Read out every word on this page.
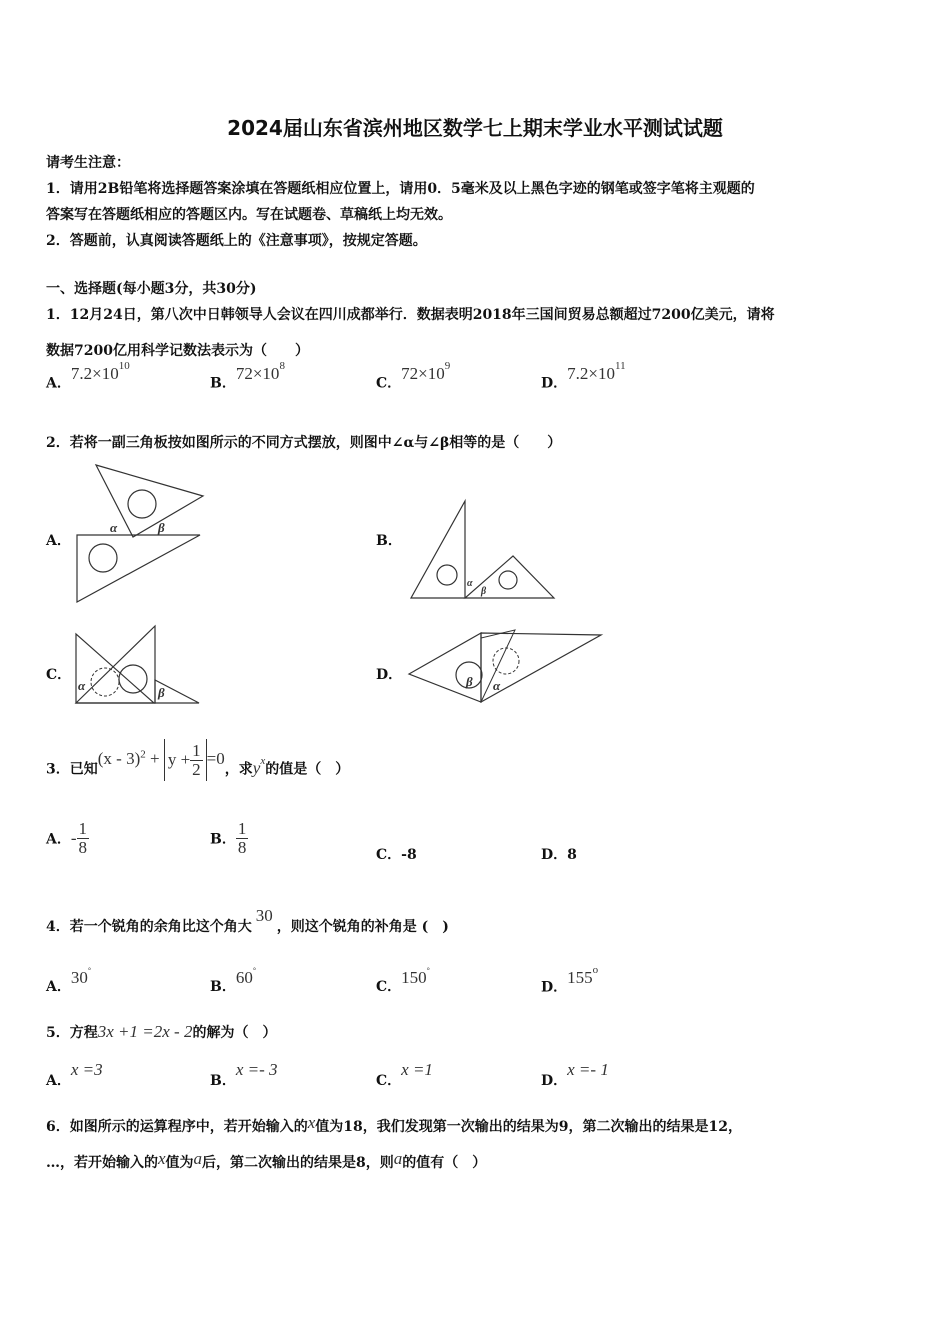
2024届山东省滨州地区数学七上期末学业水平测试试题
请考生注意：
1．请用2B铅笔将选择题答案涂填在答题纸相应位置上，请用0．5毫米及以上黑色字迹的钢笔或签字笔将主观题的
答案写在答题纸相应的答题区内。写在试题卷、草稿纸上均无效。
2．答题前，认真阅读答题纸上的《注意事项》，按规定答题。
一、选择题(每小题3分，共30分)
1．12月24日，第八次中日韩领导人会议在四川成都举行．数据表明2018年三国间贸易总额超过7200亿美元，请将
数据7200亿用科学记数法表示为（　　）
A．$7.2\times 10^{10}$
B．$72\times 10^8$
C．$72\times 10^9$
D．$7.2\times 10^{11}$
2．若将一副三角板按如图所示的不同方式摆放，则图中∠α与∠β相等的是（　　）
A．
α	β
B．
α
β
C．
α	β
D．	β α
3．已知$(x - 3)^2 + y + \frac{1}{2} =0$，求$y^x$的值是（　）
A．- $\frac{1}{8}$	B． $\frac{1}{8}$	C．-8	D．8
4．若一个锐角的余角比这个角大30，则这个锐角的补角是 (　)
A．30°
B．60°
C．150°
D．155$^o$
5．方程3x +1 =2x - 2的解为（　）
A．x =3
B．x =- 3
C．x =1
D．x =- 1
6．如图所示的运算程序中，若开始输入的x值为18，我们发现第一次输出的结果为9，第二次输出的结果是12，
…，若开始输入的x值为a后，第二次输出的结果是8，则a的值有（　）
